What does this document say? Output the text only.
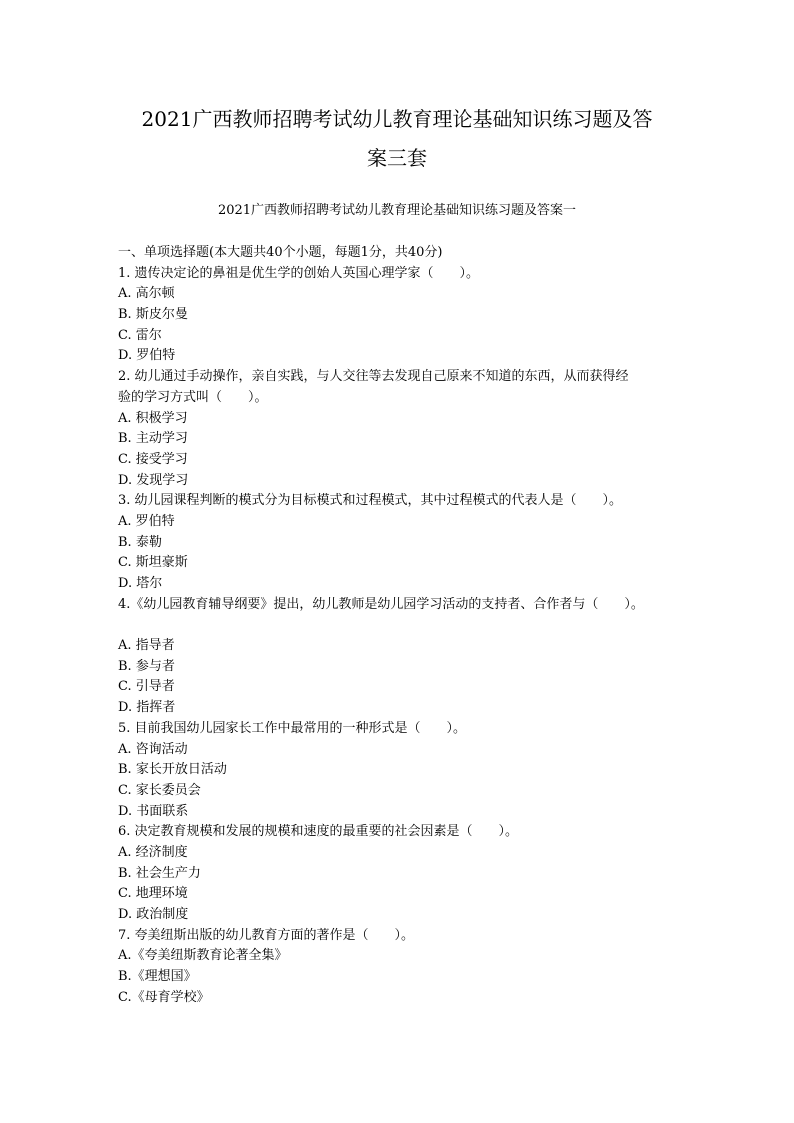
2021广西教师招聘考试幼儿教育理论基础知识练习题及答
案三套
2021广西教师招聘考试幼儿教育理论基础知识练习题及答案一
一、单项选择题(本大题共40个小题，每题1分，共40分)
1. 遗传决定论的鼻祖是优生学的创始人英国心理学家（　　）。
A. 高尔顿
B. 斯皮尔曼
C. 雷尔
D. 罗伯特
2. 幼儿通过手动操作，亲自实践，与人交往等去发现自己原来不知道的东西，从而获得经
验的学习方式叫（　　）。
A. 积极学习
B. 主动学习
C. 接受学习
D. 发现学习
3. 幼儿园课程判断的模式分为目标模式和过程模式，其中过程模式的代表人是（　　）。
A. 罗伯特
B. 泰勒
C. 斯坦豪斯
D. 塔尔
4.《幼儿园教育辅导纲要》提出，幼儿教师是幼儿园学习活动的支持者、合作者与（　　）。
A. 指导者
B. 参与者
C. 引导者
D. 指挥者
5. 目前我国幼儿园家长工作中最常用的一种形式是（　　）。
A. 咨询活动
B. 家长开放日活动
C. 家长委员会
D. 书面联系
6. 决定教育规模和发展的规模和速度的最重要的社会因素是（　　）。
A. 经济制度
B. 社会生产力
C. 地理环境
D. 政治制度
7. 夸美纽斯出版的幼儿教育方面的著作是（　　）。
A.《夸美纽斯教育论著全集》
B.《理想国》
C.《母育学校》
